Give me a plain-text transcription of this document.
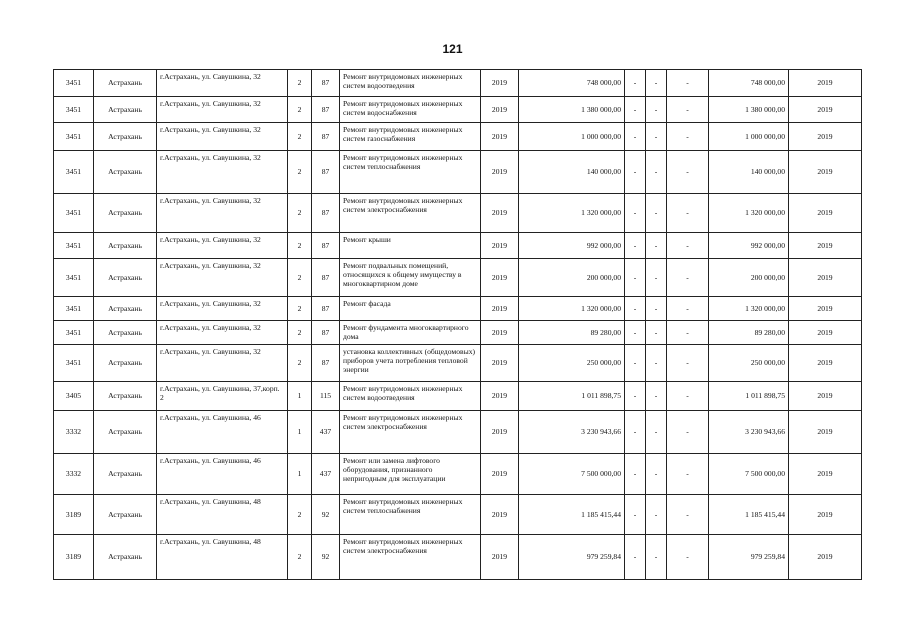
121
3451	Астрахань	г.Астрахань, ул. Савушкина, 32	2	87	Ремонт внутридомовых инженерных систем водоотведения	2019	748 000,00	-	-	-	748 000,00	2019
3451	Астрахань	г.Астрахань, ул. Савушкина, 32	2	87	Ремонт внутридомовых инженерных систем водоснабжения	2019	1 380 000,00	-	-	-	1 380 000,00	2019
3451	Астрахань	г.Астрахань, ул. Савушкина, 32	2	87	Ремонт внутридомовых инженерных систем газоснабжения	2019	1 000 000,00	-	-	-	1 000 000,00	2019
3451	Астрахань	г.Астрахань, ул. Савушкина, 32	2	87	Ремонт внутридомовых инженерных систем теплоснабжения	2019	140 000,00	-	-	-	140 000,00	2019
3451	Астрахань	г.Астрахань, ул. Савушкина, 32	2	87	Ремонт внутридомовых инженерных систем электроснабжения	2019	1 320 000,00	-	-	-	1 320 000,00	2019
3451	Астрахань	г.Астрахань, ул. Савушкина, 32	2	87	Ремонт крыши	2019	992 000,00	-	-	-	992 000,00	2019
3451	Астрахань	г.Астрахань, ул. Савушкина, 32	2	87	Ремонт подвальных помещений, относящихся к общему имуществу в многоквартирном доме	2019	200 000,00	-	-	-	200 000,00	2019
3451	Астрахань	г.Астрахань, ул. Савушкина, 32	2	87	Ремонт фасада	2019	1 320 000,00	-	-	-	1 320 000,00	2019
3451	Астрахань	г.Астрахань, ул. Савушкина, 32	2	87	Ремонт фундамента многоквартирного дома	2019	89 280,00	-	-	-	89 280,00	2019
3451	Астрахань	г.Астрахань, ул. Савушкина, 32	2	87	установка коллективных (общедомовых) приборов учета потребления тепловой энергии	2019	250 000,00	-	-	-	250 000,00	2019
3405	Астрахань	г.Астрахань, ул. Савушкина, 37,корп. 2	1	115	Ремонт внутридомовых инженерных систем водоотведения	2019	1 011 898,75	-	-	-	1 011 898,75	2019
3332	Астрахань	г.Астрахань, ул. Савушкина, 46	1	437	Ремонт внутридомовых инженерных систем электроснабжения	2019	3 230 943,66	-	-	-	3 230 943,66	2019
3332	Астрахань	г.Астрахань, ул. Савушкина, 46	1	437	Ремонт или замена лифтового оборудования, признанного непригодным для эксплуатации	2019	7 500 000,00	-	-	-	7 500 000,00	2019
3189	Астрахань	г.Астрахань, ул. Савушкина, 48	2	92	Ремонт внутридомовых инженерных систем теплоснабжения	2019	1 185 415,44	-	-	-	1 185 415,44	2019
3189	Астрахань	г.Астрахань, ул. Савушкина, 48	2	92	Ремонт внутридомовых инженерных систем электроснабжения	2019	979 259,84	-	-	-	979 259,84	2019
